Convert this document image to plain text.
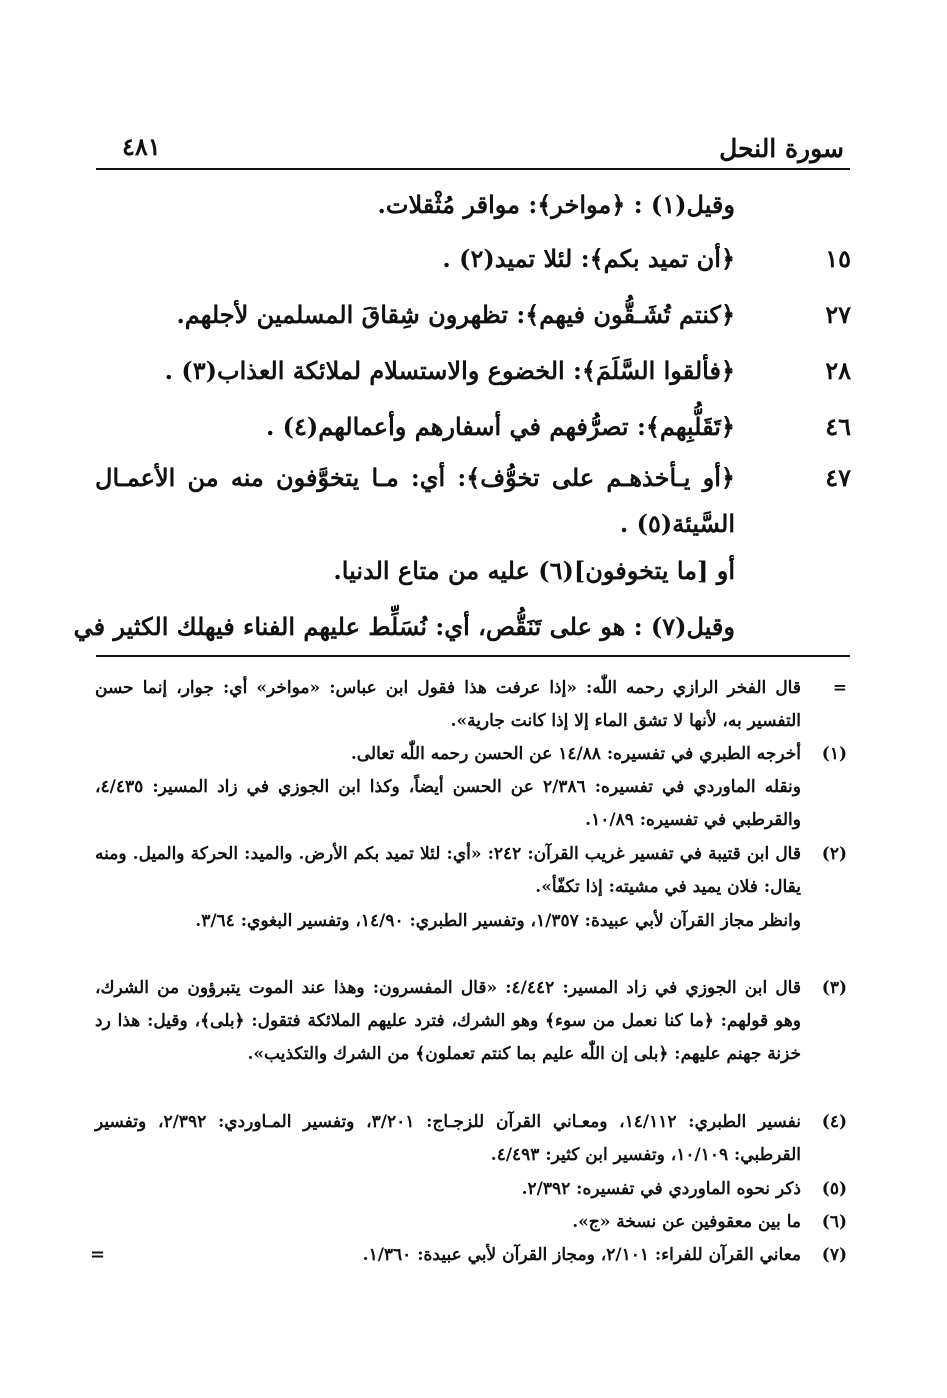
سورة النحل
٤٨١
وقيل(١) : ﴿مواخر﴾: مواقر مُثْقلات.
١٥
﴿أن تميد بكم﴾: لئلا تميد(٢) .
٢٧
﴿كنتم تُشَـقُّون فيهم﴾: تظهرون شِقاقَ المسلمين لأجلهم.
٢٨
﴿فألقوا السَّلَمَ﴾: الخضوع والاستسلام لملائكة العذاب(٣) .
٤٦
﴿تَقَلُّبِهم﴾: تصرُّفهم في أسفارهم وأعمالهم(٤) .
٤٧
﴿أو يـأخذهـم على تخوُّف﴾: أي: مـا يتخوَّفون منه من الأعمـال السَّيئة(٥) .
أو [ما يتخوفون](٦) عليه من متاع الدنيا.
وقيل(٧) : هو على تَنَقُّص، أي: نُسَلِّط عليهم الفناء فيهلك الكثير في
=
قال الفخر الرازي رحمه اللّٰه: «إذا عرفت هذا فقول ابن عباس: «مواخر» أي: جوار، إنما حسن التفسير به، لأنها لا تشق الماء إلا إذا كانت جارية».
(١)
أخرجه الطبري في تفسيره: ١٤/٨٨ عن الحسن رحمه اللّٰه تعالى.
ونقله الماوردي في تفسيره: ٢/٣٨٦ عن الحسن أيضاً، وكذا ابن الجوزي في زاد المسير: ٤/٤٣٥، والقرطبي في تفسيره: ١٠/٨٩.
(٢)
قال ابن قتيبة في تفسير غريب القرآن: ٢٤٢: «أي: لئلا تميد بكم الأرض. والميد: الحركة والميل. ومنه يقال: فلان يميد في مشيته: إذا تكفّأ».
وانظر مجاز القرآن لأبي عبيدة: ١/٣٥٧، وتفسير الطبري: ١٤/٩٠، وتفسير البغوي: ٣/٦٤.
(٣)
قال ابن الجوزي في زاد المسير: ٤/٤٤٢: «قال المفسرون: وهذا عند الموت يتبرؤون من الشرك، وهو قولهم: ﴿ما كنا نعمل من سوء﴾ وهو الشرك، فترد عليهم الملائكة فتقول: ﴿بلى﴾، وقيل: هذا رد خزنة جهنم عليهم: ﴿بلى إن اللّٰه عليم بما كنتم تعملون﴾ من الشرك والتكذيب».
(٤)
نفسير الطبري: ١٤/١١٢، ومعـاني القرآن للزجـاج: ٣/٢٠١، وتفسير المـاوردي: ٢/٣٩٢، وتفسير القرطبي: ١٠/١٠٩، وتفسير ابن كثير: ٤/٤٩٣.
(٥)
ذكر نحوه الماوردي في تفسيره: ٢/٣٩٢.
(٦)
ما بين معقوفين عن نسخة «ج».
(٧)
معاني القرآن للفراء: ٢/١٠١، ومجاز القرآن لأبي عبيدة: ١/٣٦٠.
=
